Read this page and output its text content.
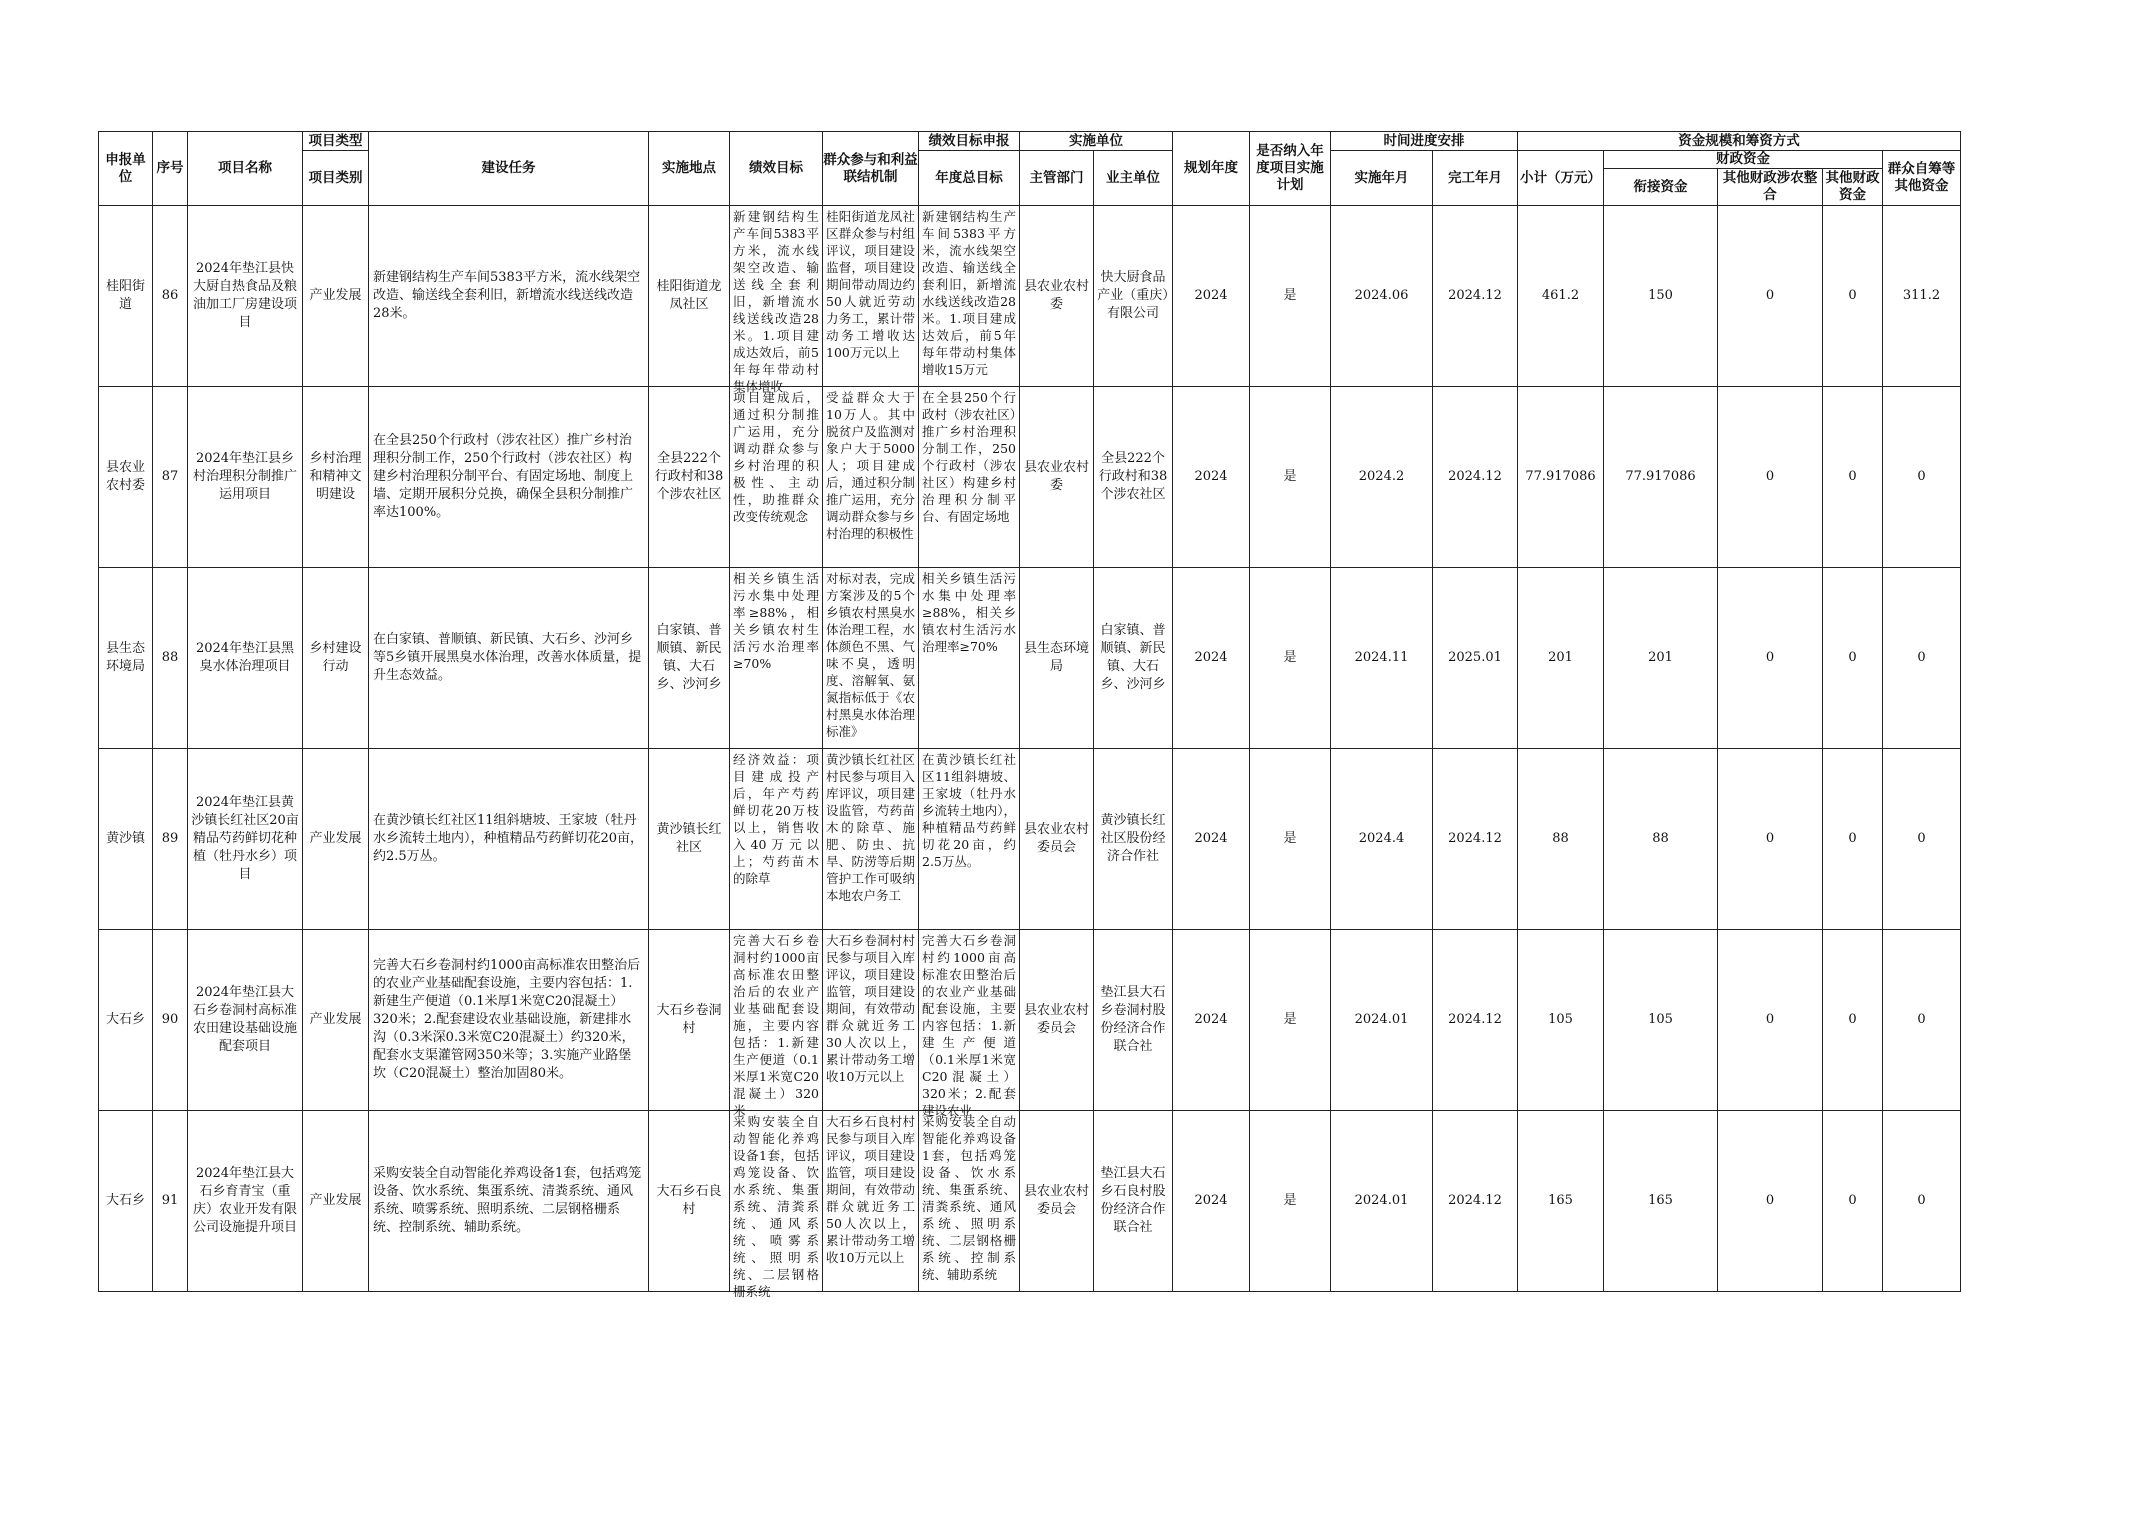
申报单位	序号	项目名称	项目类型	建设任务	实施地点	绩效目标	群众参与和利益联结机制	绩效目标申报	实施单位		规划年度	是否纳入年度项目实施计划	时间进度安排		资金规模和筹资方式				
			项目类别					年度总目标	主管部门	业主单位			实施年月	完工年月	小计（万元）	财政资金			群众自筹等其他资金
																衔接资金	其他财政涉农整合	其他财政资金	
桂阳街道	86	2024年垫江县快大厨自热食品及粮油加工厂房建设项目	产业发展	新建钢结构生产车间5383平方米，流水线架空改造、输送线全套利旧，新增流水线送线改造28米。	桂阳街道龙凤社区	新建钢结构生产车间5383平方米，流水线架空改造、输送线全套利旧，新增流水线送线改造28米。1.项目建成达效后，前5年每年带动村集体增收	桂阳街道龙凤社区群众参与村组评议，项目建设监督，项目建设期间带动周边约50人就近劳动力务工，累计带动务工增收达100万元以上	新建钢结构生产车间5383平方米，流水线架空改造、输送线全套利旧，新增流水线送线改造28米。1.项目建成达效后，前5年每年带动村集体增收15万元	县农业农村委	快大厨食品产业（重庆）有限公司	2024	是	2024.06	2024.12	461.2	150	0	0	311.2
县农业农村委	87	2024年垫江县乡村治理积分制推广运用项目	乡村治理和精神文明建设	在全县250个行政村（涉农社区）推广乡村治理积分制工作，250个行政村（涉农社区）构建乡村治理积分制平台、有固定场地、制度上墙、定期开展积分兑换，确保全县积分制推广率达100%。	全县222个行政村和38个涉农社区	项目建成后，通过积分制推广运用，充分调动群众参与乡村治理的积极性、主动性，助推群众改变传统观念	受益群众大于10万人。其中脱贫户及监测对象户大于5000人；项目建成后，通过积分制推广运用，充分调动群众参与乡村治理的积极性	在全县250个行政村（涉农社区）推广乡村治理积分制工作，250个行政村（涉农社区）构建乡村治理积分制平台、有固定场地	县农业农村委	全县222个行政村和38个涉农社区	2024	是	2024.2	2024.12	77.917086	77.917086	0	0	0
县生态环境局	88	2024年垫江县黑臭水体治理项目	乡村建设行动	在白家镇、普顺镇、新民镇、大石乡、沙河乡等5乡镇开展黑臭水体治理，改善水体质量，提升生态效益。	白家镇、普顺镇、新民镇、大石乡、沙河乡	相关乡镇生活污水集中处理率≥88%，相关乡镇农村生活污水治理率≥70%	对标对表，完成方案涉及的5个乡镇农村黑臭水体治理工程，水体颜色不黑、气味不臭，透明度、溶解氧、氨氮指标低于《农村黑臭水体治理标准》	相关乡镇生活污水集中处理率≥88%，相关乡镇农村生活污水治理率≥70%	县生态环境局	白家镇、普顺镇、新民镇、大石乡、沙河乡	2024	是	2024.11	2025.01	201	201	0	0	0
黄沙镇	89	2024年垫江县黄沙镇长红社区20亩精品芍药鲜切花种植（牡丹水乡）项目	产业发展	在黄沙镇长红社区11组斜塘坡、王家坡（牡丹水乡流转土地内），种植精品芍药鲜切花20亩，约2.5万丛。	黄沙镇长红社区	经济效益：项目建成投产后，年产芍药鲜切花20万枝以上，销售收入40万元以上；芍药苗木的除草	黄沙镇长红社区村民参与项目入库评议，项目建设监管，芍药苗木的除草、施肥、防虫、抗旱、防涝等后期管护工作可吸纳本地农户务工	在黄沙镇长红社区11组斜塘坡、王家坡（牡丹水乡流转土地内），种植精品芍药鲜切花20亩，约2.5万丛。	县农业农村委员会	黄沙镇长红社区股份经济合作社	2024	是	2024.4	2024.12	88	88	0	0	0
大石乡	90	2024年垫江县大石乡卷洞村高标准农田建设基础设施配套项目	产业发展	完善大石乡卷洞村约1000亩高标准农田整治后的农业产业基础配套设施，主要内容包括：1.新建生产便道（0.1米厚1米宽C20混凝土）320米；2.配套建设农业基础设施，新建排水沟（0.3米深0.3米宽C20混凝土）约320米，配套水支渠灌管网350米等；3.实施产业路堡坎（C20混凝土）整治加固80米。	大石乡卷洞村	完善大石乡卷洞村约1000亩高标准农田整治后的农业产业基础配套设施，主要内容包括：1.新建生产便道（0.1米厚1米宽C20混凝土）320米	大石乡卷洞村村民参与项目入库评议，项目建设监管，项目建设期间，有效带动群众就近务工30人次以上，累计带动务工增收10万元以上	完善大石乡卷洞村约1000亩高标准农田整治后的农业产业基础配套设施，主要内容包括：1.新建生产便道（0.1米厚1米宽C20混凝土）320米；2.配套建设农业	县农业农村委员会	垫江县大石乡卷洞村股份经济合作联合社	2024	是	2024.01	2024.12	105	105	0	0	0
大石乡	91	2024年垫江县大石乡育青宝（重庆）农业开发有限公司设施提升项目	产业发展	采购安装全自动智能化养鸡设备1套，包括鸡笼设备、饮水系统、集蛋系统、清粪系统、通风系统、喷雾系统、照明系统、二层钢格栅系统、控制系统、辅助系统。	大石乡石良村	采购安装全自动智能化养鸡设备1套，包括鸡笼设备、饮水系统、集蛋系统、清粪系统、通风系统、喷雾系统、照明系统、二层钢格栅系统	大石乡石良村村民参与项目入库评议，项目建设监管，项目建设期间，有效带动群众就近务工50人次以上，累计带动务工增收10万元以上	采购安装全自动智能化养鸡设备1套，包括鸡笼设备、饮水系统、集蛋系统、清粪系统、通风系统、照明系统、二层钢格栅系统、控制系统、辅助系统	县农业农村委员会	垫江县大石乡石良村股份经济合作联合社	2024	是	2024.01	2024.12	165	165	0	0	0
